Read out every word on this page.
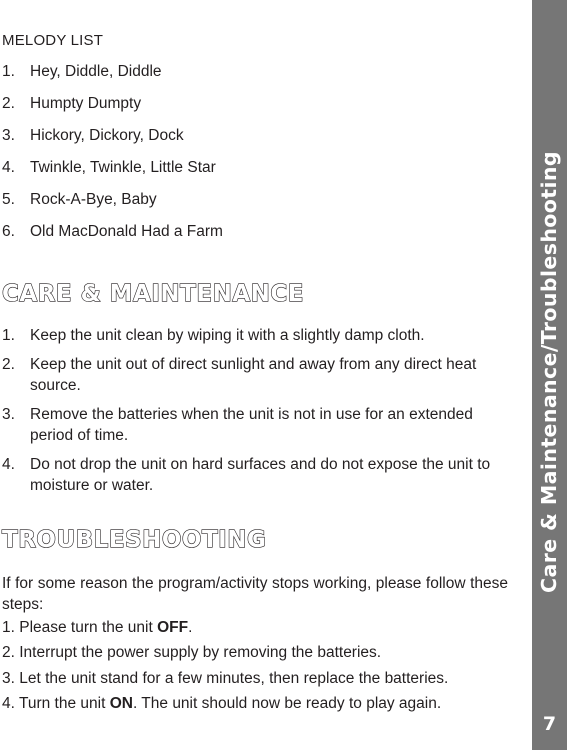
MELODY LIST
1. Hey, Diddle, Diddle
2. Humpty Dumpty
3. Hickory, Dickory, Dock
4. Twinkle, Twinkle, Little Star
5. Rock-A-Bye, Baby
6. Old MacDonald Had a Farm
CARE & MAINTENANCE
1. Keep the unit clean by wiping it with a slightly damp cloth.
2. Keep the unit out of direct sunlight and away from any direct heat source.
3. Remove the batteries when the unit is not in use for an extended period of time.
4. Do not drop the unit on hard surfaces and do not expose the unit to moisture or water.
TROUBLESHOOTING

If for some reason the program/activity stops working, please follow these steps:

1. Please turn the unit OFF.
2. Interrupt the power supply by removing the batteries.
3. Let the unit stand for a few minutes, then replace the batteries.
4. Turn the unit ON. The unit should now be ready to play again.
Care & Maintenance/Troubleshooting
7
